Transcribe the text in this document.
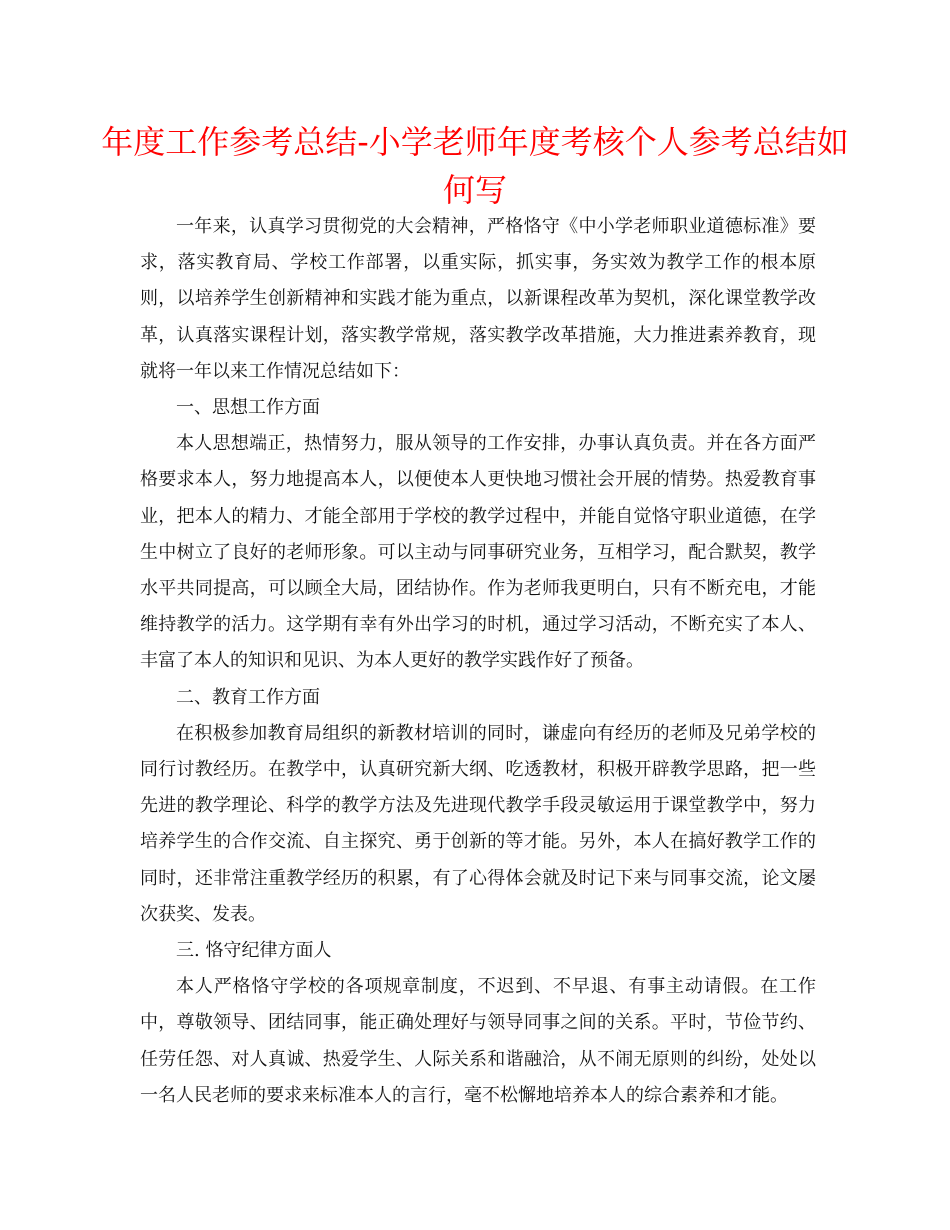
年度工作参考总结-小学老师年度考核个人参考总结如何写

一年来，认真学习贯彻党的大会精神，严格恪守《中小学老师职业道德标准》要求，落实教育局、学校工作部署，以重实际，抓实事，务实效为教学工作的根本原则，以培养学生创新精神和实践才能为重点，以新课程改革为契机，深化课堂教学改革，认真落实课程计划，落实教学常规，落实教学改革措施，大力推进素养教育，现就将一年以来工作情况总结如下：

一、思想工作方面

本人思想端正，热情努力，服从领导的工作安排，办事认真负责。并在各方面严格要求本人，努力地提高本人，以便使本人更快地习惯社会开展的情势。热爱教育事业，把本人的精力、才能全部用于学校的教学过程中，并能自觉恪守职业道德，在学生中树立了良好的老师形象。可以主动与同事研究业务，互相学习，配合默契，教学水平共同提高，可以顾全大局，团结协作。作为老师我更明白，只有不断充电，才能维持教学的活力。这学期有幸有外出学习的时机，通过学习活动，不断充实了本人、丰富了本人的知识和见识、为本人更好的教学实践作好了预备。

二、教育工作方面

在积极参加教育局组织的新教材培训的同时，谦虚向有经历的老师及兄弟学校的同行讨教经历。在教学中，认真研究新大纲、吃透教材，积极开辟教学思路，把一些先进的教学理论、科学的教学方法及先进现代教学手段灵敏运用于课堂教学中，努力培养学生的合作交流、自主探究、勇于创新的等才能。另外，本人在搞好教学工作的同时，还非常注重教学经历的积累，有了心得体会就及时记下来与同事交流，论文屡次获奖、发表。

三. 恪守纪律方面人

本人严格恪守学校的各项规章制度，不迟到、不早退、有事主动请假。在工作中，尊敬领导、团结同事，能正确处理好与领导同事之间的关系。平时，节俭节约、任劳任怨、对人真诚、热爱学生、人际关系和谐融洽，从不闹无原则的纠纷，处处以一名人民老师的要求来标准本人的言行，毫不松懈地培养本人的综合素养和才能。
